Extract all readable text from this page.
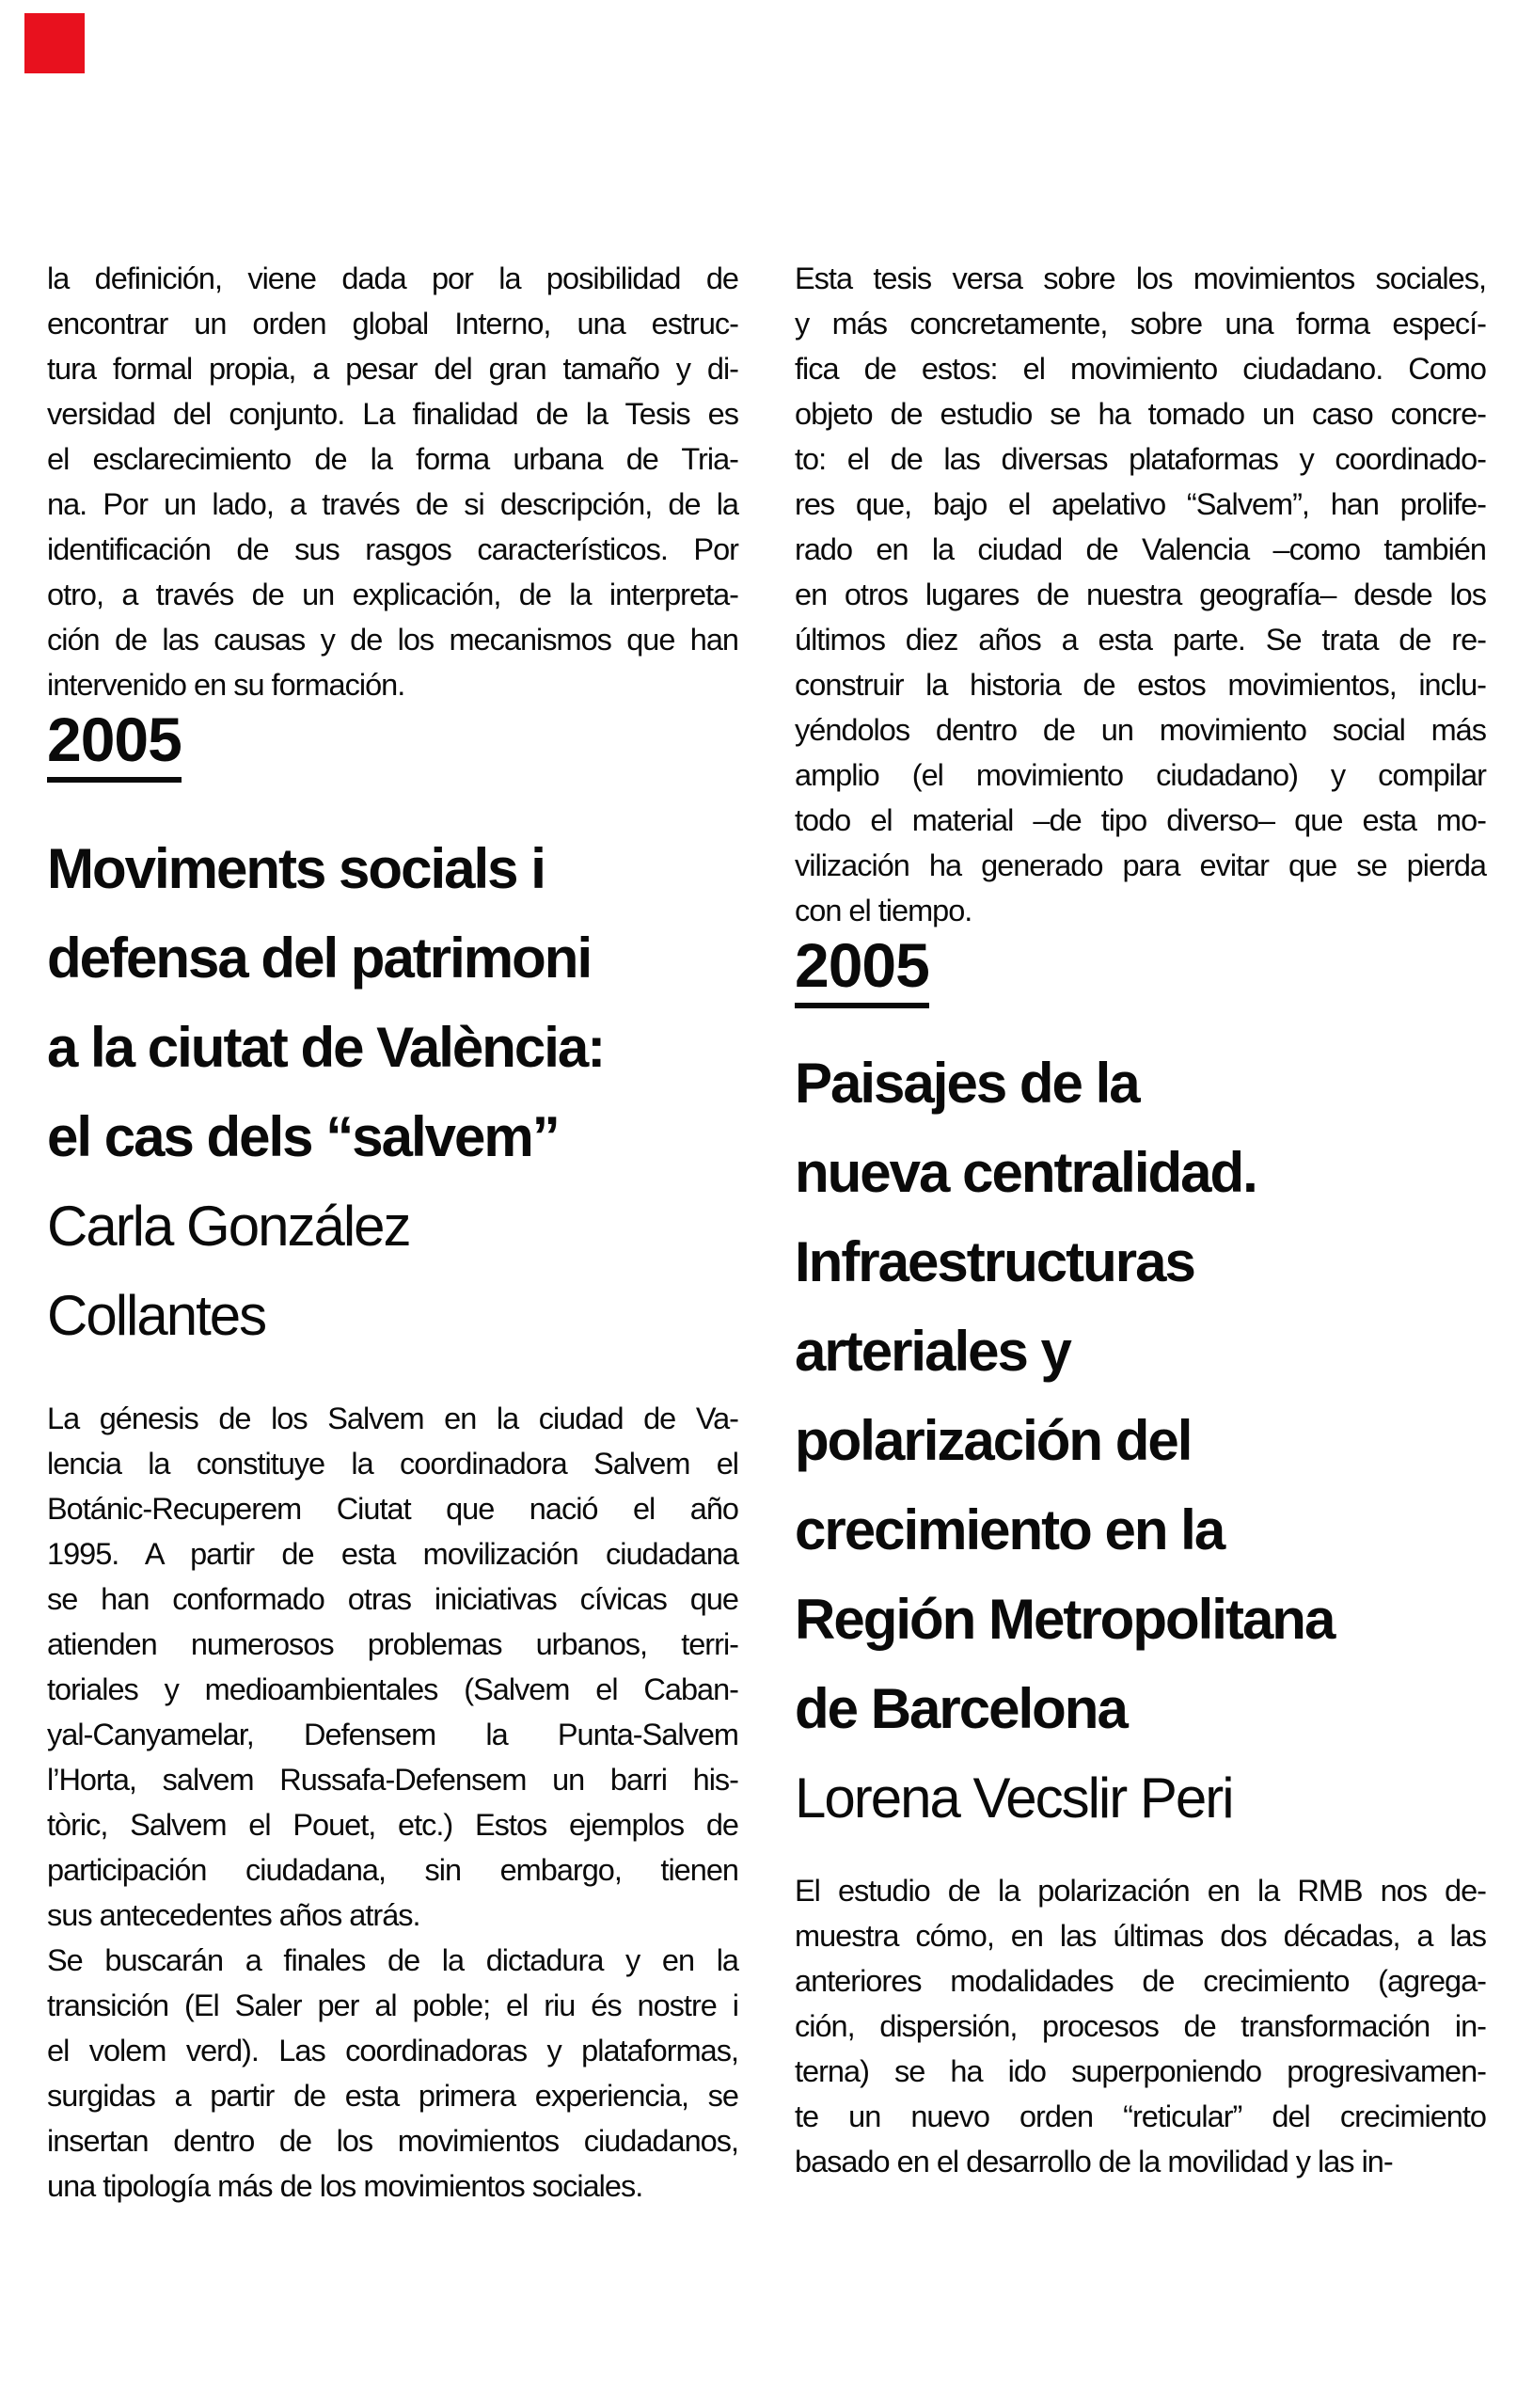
la definición, viene dada por la posibilidad de
encontrar un orden global Interno, una estruc-
tura formal propia, a pesar del gran tamaño y di-
versidad del conjunto. La finalidad de la Tesis es
el esclarecimiento de la forma urbana de Tria-
na. Por un lado, a través de si descripción, de la
identificación de sus rasgos característicos. Por
otro, a través de un explicación, de la interpreta-
ción de las causas y de los mecanismos que han
intervenido en su formación.
2005
Moviments socials i
defensa del patrimoni
a la ciutat de València:
el cas dels “salvem”
Carla González
Collantes
La génesis de los Salvem en la ciudad de Va-
lencia la constituye la coordinadora Salvem el
Botánic-Recuperem Ciutat que nació el año
1995. A partir de esta movilización ciudadana
se han conformado otras iniciativas cívicas que
atienden numerosos problemas urbanos, terri-
toriales y medioambientales (Salvem el Caban-
yal-Canyamelar, Defensem la Punta-Salvem
l’Horta, salvem Russafa-Defensem un barri his-
tòric, Salvem el Pouet, etc.) Estos ejemplos de
participación ciudadana, sin embargo, tienen
sus antecedentes años atrás.
Se buscarán a finales de la dictadura y en la
transición (El Saler per al poble; el riu és nostre i
el volem verd). Las coordinadoras y plataformas,
surgidas a partir de esta primera experiencia, se
insertan dentro de los movimientos ciudadanos,
una tipología más de los movimientos sociales.
Esta tesis versa sobre los movimientos sociales,
y más concretamente, sobre una forma especí-
fica de estos: el movimiento ciudadano. Como
objeto de estudio se ha tomado un caso concre-
to: el de las diversas plataformas y coordinado-
res que, bajo el apelativo “Salvem”, han prolife-
rado en la ciudad de Valencia –como también
en otros lugares de nuestra geografía– desde los
últimos diez años a esta parte. Se trata de re-
construir la historia de estos movimientos, inclu-
yéndolos dentro de un movimiento social más
amplio (el movimiento ciudadano) y compilar
todo el material –de tipo diverso– que esta mo-
vilización ha generado para evitar que se pierda
con el tiempo.
2005
Paisajes de la
nueva centralidad.
Infraestructuras
arteriales y
polarización del
crecimiento en la
Región Metropolitana
de Barcelona
Lorena Vecslir Peri
El estudio de la polarización en la RMB nos de-
muestra cómo, en las últimas dos décadas, a las
anteriores modalidades de crecimiento (agrega-
ción, dispersión, procesos de transformación in-
terna) se ha ido superponiendo progresivamen-
te un nuevo orden “reticular” del crecimiento
basado en el desarrollo de la movilidad y las in-
